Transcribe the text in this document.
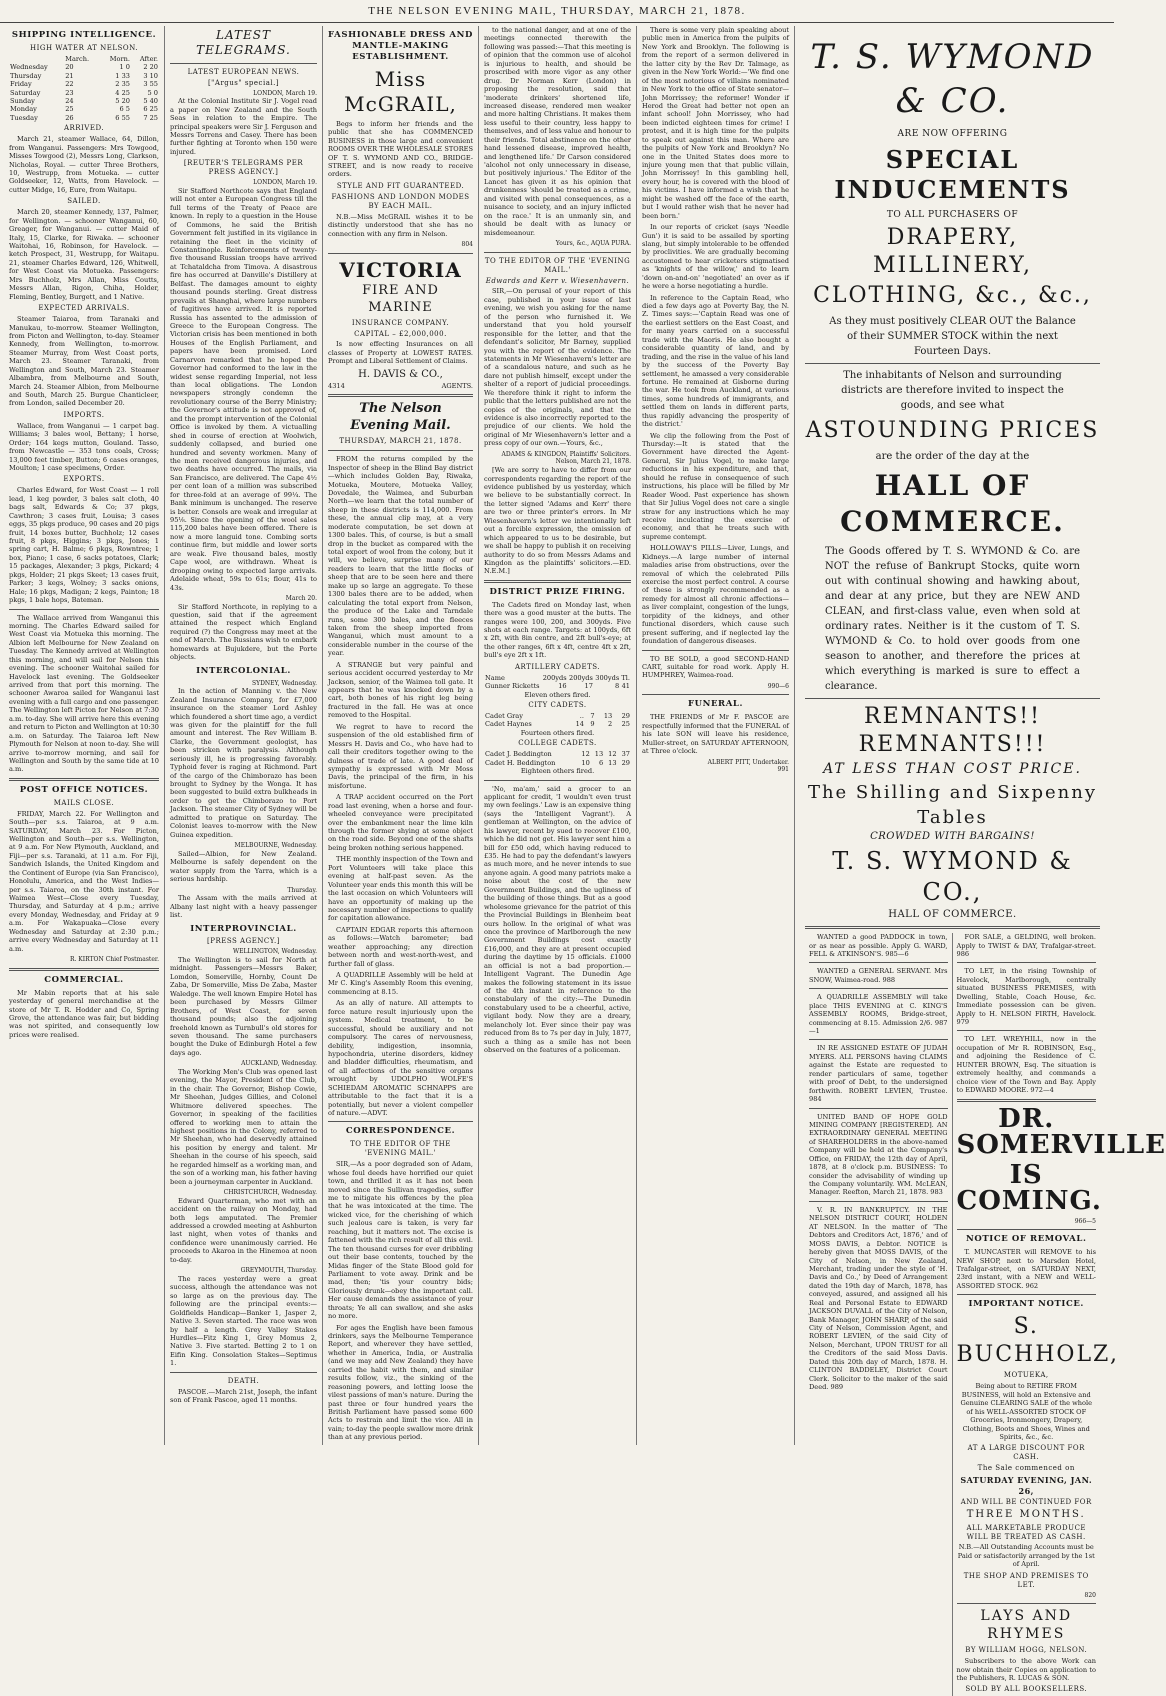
THE NELSON EVENING MAIL, THURSDAY, MARCH 21, 1878.
SHIPPING INTELLIGENCE.
HIGH WATER AT NELSON.
	March.	Morn.	After.
Wednesday	20	1 0	2 20
Thursday	21	1 33	3 10
Friday	22	2 35	3 55
Saturday	23	4 25	5 0
Sunday	24	5 20	5 40
Monday	25	6 5	6 25
Tuesday	26	6 55	7 25
ARRIVED.

March 21, steamer Wallace, 64, Dillon, from Wanganui. Passengers: Mrs Towgood, Misses Towgood (2), Messrs Long, Clarkson, Nicholas, Royal. — cutter Three Brothers, 10, Westrupp, from Motueka. — cutter Goldseeker, 12, Watts, from Havelock. — cutter Midge, 16, Eure, from Waitapu.

SAILED.

March 20, steamer Kennedy, 137, Palmer, for Wellington. — schooner Wanganui, 60, Greager, for Wanganui. — cutter Maid of Italy, 15, Clarke, for Riwaka. — schooner Waitohai, 16, Robinson, for Havelock. — ketch Prospect, 31, Westrupp, for Waitapu. 21, steamer Charles Edward, 126, Whitwell, for West Coast via Motueka. Passengers: Mrs Buchholz, Mrs Allan, Miss Coutts, Messrs Allan, Rigon, Chiha, Holder, Fleming, Bentley, Burgett, and 1 Native.

EXPECTED ARRIVALS.

Steamer Taiaroa, from Taranaki and Manukau, to-morrow. Steamer Wellington, from Picton and Wellington, to-day. Steamer Kennedy, from Wellington, to-morrow. Steamer Murray, from West Coast ports, March 23. Steamer Taranaki, from Wellington and South, March 23. Steamer Albambra, from Melbourne and South, March 24. Steamer Albion, from Melbourne and South, March 25. Burgue Chanticleer, from London, sailed December 20.

IMPORTS.

Wallace, from Wanganui — 1 carpet bag. Williams; 3 bales wool, Bettany; 1 horse, Order; 164 kegs mutton, Gouland. Tasso, from Newcastle — 353 tons coals, Cross; 13,000 feet timber, Button; 6 cases oranges, Moulton; 1 case specimens, Order.

EXPORTS.

Charles Edward, for West Coast — 1 roll lead, 1 keg powder, 3 bales salt cloth, 40 bags salt, Edwards & Co; 37 pkgs, Cawthron; 3 cases fruit, Louisa; 3 cases eggs, 35 pkgs produce, 90 cases and 20 pigs fruit, 14 boxes butter, Buchholz; 12 cases fruit, 8 pkgs, Higgins; 3 pkgs, Jones; 1 spring cart, H. Balme; 6 pkgs, Rowntree; 1 box, Piano; 1 case, 6 sacks potatoes, Clark; 15 packages, Alexander; 3 pkgs, Pickard; 4 pkgs, Holder; 21 pkgs Skeet; 13 cases fruit, Parker; 3 kegs, Wolney; 3 sacks onions, Hale; 16 pkgs, Madigan; 2 kegs, Painton; 18 pkgs, 1 bale hops, Bateman.

The Wallace arrived from Wanganui this morning. The Charles Edward sailed for West Coast via Motueka this morning. The Albion left Melbourne for New Zealand on Tuesday. The Kennedy arrived at Wellington this morning, and will sail for Nelson this evening. The schooner Waitohai sailed for Havelock last evening. The Goldseeker arrived from that port this morning. The schooner Awaroa sailed for Wanganui last evening with a full cargo and one passenger. The Wellington left Picton for Nelson at 7:30 a.m. to-day. She will arrive here this evening and return to Picton and Wellington at 10:30 a.m. on Saturday. The Taiaroa left New Plymouth for Nelson at noon to-day. She will arrive to-morrow morning, and sail for Wellington and South by the same tide at 10 a.m.

POST OFFICE NOTICES.
MAILS CLOSE.

FRIDAY, March 22. For Wellington and South—per s.s. Taiaroa, at 9 a.m. SATURDAY, March 23. For Picton, Wellington and South—per s.s. Wellington, at 9 a.m. For New Plymouth, Auckland, and Fiji—per s.s. Taranaki, at 11 a.m. For Fiji, Sandwich Islands, the United Kingdom and the Continent of Europe (via San Francisco), Honolulu, America, and the West Indies—per s.s. Taiaroa, on the 30th instant. For Waimea West—Close every Tuesday, Thursday, and Saturday at 4 p.m.; arrive every Monday, Wednesday, and Friday at 9 a.m. For Wakapuaka—Close every Wednesday and Saturday at 2:30 p.m.; arrive every Wednesday and Saturday at 11 a.m.

R. KIRTON Chief Postmaster.
COMMERCIAL.

Mr Mabin reports that at his sale yesterday of general merchandise at the store of Mr T. R. Hodder and Co, Spring Grove, the attendance was fair, but bidding was not spirited, and consequently low prices were realised.

LATEST TELEGRAMS.
LATEST EUROPEAN NEWS.
["Argus" special.]
LONDON, March 19.

At the Colonial Institute Sir J. Vogel read a paper on New Zealand and the South Seas in relation to the Empire. The principal speakers were Sir J. Ferguson and Messrs Torrens and Casey. There has been further fighting at Toronto when 150 were injured.

[REUTER'S TELEGRAMS PER PRESS AGENCY.]
LONDON, March 19.

Sir Stafford Northcote says that England will not enter a European Congress till the full terms of the Treaty of Peace are known. In reply to a question in the House of Commons, he said the British Government felt justified in its vigilance in retaining the fleet in the vicinity of Constantinople. Reinforcements of twenty-five thousand Russian troops have arrived at Tchataldcha from Timova. A disastrous fire has occurred at Danville's Distillery at Belfast. The damages amount to eighty thousand pounds sterling. Great distress prevails at Shanghai, where large numbers of fugitives have arrived. It is reported Russia has assented to the admission of Greece to the European Congress. The Victorian crisis has been mentioned in both Houses of the English Parliament, and papers have been promised. Lord Carnarvon remarked that he hoped the Governor had conformed to the law in the widest sense regarding Imperial, not less than local obligations. The London newspapers strongly condemn the revolutionary course of the Berry Ministry; the Governor's attitude is not approved of, and the prompt intervention of the Colonial Office is invoked by them. A victualling shed in course of erection at Woolwich, suddenly collapsed, and buried one hundred and seventy workmen. Many of the men received dangerous injuries, and two deaths have occurred. The mails, via San Francisco, are delivered. The Cape 4½ per cent loan of a million was subscribed for three-fold at an average of 99¼. The Bank minimum is unchanged. The reserve is better. Consols are weak and irregular at 95⅛. Since the opening of the wool sales 115,200 bales have been offered. There is now a more languid tone. Combing sorts continue firm, but middle and lower sorts are weak. Five thousand bales, mostly Cape wool, are withdrawn. Wheat is drooping owing to expected large arrivals. Adelaide wheat, 59s to 61s; flour, 41s to 43s.

March 20.

Sir Stafford Northcote, in replying to a question, said that if the agreement attained the respect which England required (?) the Congress may meet at the end of March. The Russians wish to embark homewards at Bujukdere, but the Porte objects.

INTERCOLONIAL.
SYDNEY, Wednesday.

In the action of Manning v. the New Zealand Insurance Company, for £7,000 insurance on the steamer Lord Ashley which foundered a short time ago, a verdict was given for the plaintiff for the full amount and interest. The Rev William B. Clarke, the Government geologist, has been stricken with paralysis. Although seriously ill, he is progressing favorably. Typhoid fever is raging at Richmond. Part of the cargo of the Chimborazo has been brought to Sydney by the Wonga. It has been suggested to build extra bulkheads in order to get the Chimborazo to Port Jackson. The steamer City of Sydney will be admitted to pratique on Saturday. The Colonist leaves to-morrow with the New Guinea expedition.

MELBOURNE, Wednesday.

Sailed—Albion, for New Zealand. Melbourne is safely dependent on the water supply from the Yarra, which is a serious hardship.

Thursday.

The Assam with the mails arrived at Albany last night with a heavy passenger list.

INTERPROVINCIAL.
[PRESS AGENCY.]
WELLINGTON, Wednesday.

The Wellington is to sail for North at midnight. Passengers—Messrs Baker, Lomdon, Somerville, Hornby, Count De Zaba, Dr Somerville, Miss De Zaba, Master Waledge. The well known Empire Hotel has been purchased by Messrs Gilmer Brothers, of West Coast, for seven thousand pounds; also the adjoining freehold known as Turnbull's old stores for seven thousand. The same purchasers bought the Duke of Edinburgh Hotel a few days ago.

AUCKLAND, Wednesday.

The Working Men's Club was opened last evening, the Mayor, President of the Club, in the chair. The Governor, Bishop Cowie, Mr Sheehan, Judges Gillies, and Colonel Whitmore delivered speeches. The Governor, in speaking of the facilities offered to working men to attain the highest positions in the Colony, referred to Mr Sheehan, who had deservedly attained his position by energy and talent. Mr Sheehan in the course of his speech, said he regarded himself as a working man, and the son of a working man, his father having been a journeyman carpenter in Auckland.

CHRISTCHURCH, Wednesday.

Edward Quarterman, who met with an accident on the railway on Monday, had both legs amputated. The Premier addressed a crowded meeting at Ashburton last night, when votes of thanks and confidence were unanimously carried. He proceeds to Akaroa in the Hinemoa at noon to-day.

GREYMOUTH, Thursday.

The races yesterday were a great success, although the attendance was not so large as on the previous day. The following are the principal events:—Goldfields Handicap—Banker 1, Jasper 2, Native 3. Seven started. The race was won by half a length. Grey Valley Stakes Hurdles—Fitz King 1, Grey Momus 2, Native 3. Five started. Betting 2 to 1 on Eifin King. Consolation Stakes—Septimus 1.

DEATH.

PASCOE.—March 21st, Joseph, the infant son of Frank Pascoe, aged 11 months.

FASHIONABLE DRESS AND MANTLE-MAKING ESTABLISHMENT.
Miss McGRAIL,

Begs to inform her friends and the public that she has COMMENCED BUSINESS in those large and convenient ROOMS OVER THE WHOLESALE STORES OF T. S. WYMOND AND CO., BRIDGE-STREET, and is now ready to receive orders.

STYLE AND FIT GUARANTEED.
FASHIONS AND LONDON MODES BY EACH MAIL.

N.B.—Miss McGRAIL wishes it to be distinctly understood that she has no connection with any firm in Nelson.

804
VICTORIA
FIRE AND MARINE
INSURANCE COMPANY.
CAPITAL – £2,000,000.

Is now effecting Insurances on all classes of Property at LOWEST RATES. Prompt and Liberal Settlement of Claims.

H. DAVIS & CO.,
4314	AGENTS.
The Nelson Evening Mail.
THURSDAY, MARCH 21, 1878.

FROM the returns compiled by the Inspector of sheep in the Blind Bay district—which includes Golden Bay, Riwaka, Motueka, Moutere, Motueka Valley, Dovedale, the Waimea, and Suburban North—we learn that the total number of sheep in these districts is 114,000. From these, the annual clip may, at a very moderate computation, be set down at 1300 bales. This, of course, is but a small drop in the bucket as compared with the total export of wool from the colony, but it will, we believe, surprise many of our readers to learn that the little flocks of sheep that are to be seen here and there make up so large an aggregate. To these 1300 bales there are to be added, when calculating the total export from Nelson, the produce of the Lake and Tarndale runs, some 300 bales, and the fleeces taken from the sheep imported from Wanganui, which must amount to a considerable number in the course of the year.

A STRANGE but very painful and serious accident occurred yesterday to Mr Jackson, senior, of the Waimea toll gate. It appears that he was knocked down by a cart, both bones of his right leg being fractured in the fall. He was at once removed to the Hospital.

We regret to have to record the suspension of the old established firm of Messrs H. Davis and Co., who have had to call their creditors together owing to the dulness of trade of late. A good deal of sympathy is expressed with Mr Moss Davis, the principal of the firm, in his misfortune.

A TRAP accident occurred on the Port road last evening, when a horse and four-wheeled conveyance were precipitated over the embankment near the lime kiln through the former shying at some object on the road side. Beyond one of the shafts being broken nothing serious happened.

THE monthly inspection of the Town and Port Volunteers will take place this evening at half-past seven. As the Volunteer year ends this month this will be the last occasion on which Volunteers will have an opportunity of making up the necessary number of inspections to qualify for capitation allowance.

CAPTAIN EDGAR reports this afternoon as follows:—Watch barometer; bad weather approaching; any direction between north and west-north-west, and further fall of glass.

A QUADRILLE Assembly will be held at Mr C. King's Assembly Room this evening, commencing at 8.15.

As an ally of nature. All attempts to force nature result injuriously upon the system. Medical treatment, to be successful, should be auxiliary and not compulsory. The cares of nervousness, debility, indigestion, insomnia, hypochondria, uterine disorders, kidney and bladder difficulties, rheumatism, and of all affections of the sensitive organs wrought by UDOLPHO WOLFE'S SCHIEDAM AROMATIC SCHNAPPS are attributable to the fact that it is a potentially, but never a violent compeller of nature.—ADVT.

CORRESPONDENCE.
TO THE EDITOR OF THE 'EVENING MAIL.'

SIR,—As a poor degraded son of Adam, whose foul deeds have horrified our quiet town, and thrilled it as it has not been moved since the Sullivan tragedies, suffer me to mitigate his offences by the plea that he was intoxicated at the time. The wicked vice, for the cherishing of which such jealous care is taken, is very far reaching, but it matters not. The excise is fattened with the rich result of all this evil. The ten thousand curses for ever dribbling out their base contents, touched by the Midas finger of the State Blood gold for Parliament to vote away. Drink and be mad, then; 'tis your country bids; Gloriously drunk—obey the important call. Her cause demands the assistance of your throats; Ye all can swallow, and she asks no more.

For ages the English have been famous drinkers, says the Melbourne Temperance Report, and wherever they have settled, whether in America, India, or Australia (and we may add New Zealand) they have carried the habit with them, and similar results follow, viz., the sinking of the reasoning powers, and letting loose the vilest passions of man's nature. During the past three or four hundred years the British Parliament have passed some 600 Acts to restrain and limit the vice. All in vain; to-day the people swallow more drink than at any previous period.

to the national danger, and at one of the meetings connected therewith the following was passed:—That this meeting is of opinion that the common use of alcohol is injurious to health, and should be proscribed with more vigor as any other drug. Dr Norman Kerr (London) in proposing the resolution, said that 'moderate drinkers' shortened life, increased disease, rendered men weaker and more halting Christians. It makes them less useful to their country, less happy to themselves, and of less value and honour to their friends. Total abstinence on the other hand lessened disease, improved health, and lengthened life.' Dr Carson considered 'alcohol not only unnecessary in disease, but positively injurious.' The Editor of the Lancet has given it as his opinion that drunkenness 'should be treated as a crime, and visited with penal consequences, as a nuisance to society, and an injury inflicted on the race.' It is an unmanly sin, and should be dealt with as lunacy or misdemeanour.

Yours, &c., AQUA PURA.
TO THE EDITOR OF THE 'EVENING MAIL.'
Edwards and Kerr v. Wiesenhavern.

SIR,—On perusal of your report of this case, published in your issue of last evening, we wish you asking for the name of the person who furnished it. We understand that you hold yourself responsible for the letter, and that the defendant's solicitor, Mr Barney, supplied you with the report of the evidence. The statements in Mr Wiesenhavern's letter are of a scandalous nature, and such as he dare not publish himself, except under the shelter of a report of judicial proceedings. We therefore think it right to inform the public that the letters published are not the copies of the originals, and that the evidence is also incorrectly reported to the prejudice of our clients. We hold the original of Mr Wiesenhavern's letter and a press copy of our own.—Yours, &c.,

ADAMS & KINGDON, Plaintiffs' Solicitors. Nelson, March 21, 1878.

[We are sorry to have to differ from our correspondents regarding the report of the evidence published by us yesterday, which we believe to be substantially correct. In the letter signed 'Adams and Kerr' there are two or three printer's errors. In Mr Wiesenhavern's letter we intentionally left out a forcible expression, the omission of which appeared to us to be desirable, but we shall be happy to publish it on receiving authority to do so from Messrs Adams and Kingdon as the plaintiffs' solicitors.—ED. N.E.M.]

DISTRICT PRIZE FIRING.

The Cadets fired on Monday last, when there was a good muster at the butts. The ranges were 100, 200, and 300yds. Five shots at each range. Targets: at 100yds, 6ft x 2ft, with 8in centre, and 2ft bull's-eye; at the other ranges, 6ft x 4ft, centre 4ft x 2ft, bull's eye 2ft x 1ft.

ARTILLERY CADETS.
Name	200yds	200yds	300yds	Tl.
Gunner Ricketts	16	17	8	41
Eleven others fired.
CITY CADETS.
Cadet Gray	..	7	13	29
Cadet Haynes	14	9	2	25
Fourteen others fired.
COLLEGE CADETS.
Cadet J. Beddington	12	13	12	37
Cadet H. Beddington	10	6	13	29
Eighteen others fired.

'No, ma'am,' said a grocer to an applicant for credit, 'I wouldn't even trust my own feelings.' Law is an expensive thing (says the 'Intelligent Vagrant'). A gentleman at Wellington, on the advice of his lawyer, recent by sued to recover £100, which he did not get. His lawyer sent him a bill for £50 odd, which having reduced to £35. He had to pay the defendant's lawyers as much more, and he never intends to sue anyone again. A good many patriots make a noise about the cost of the new Government Buildings, and the ugliness of the building of those things. But as a good wholesome grievance for the patriot of this the Provincial Buildings in Blenheim beat ours hollow. In the original of what was once the province of Marlborough the new Government Buildings cost exactly £16,000, and they are at present occupied during the daytime by 15 officials. £1000 an official is not a bad proportion.—Intelligent Vagrant. The Dunedin Age makes the following statement in its issue of the 4th instant in reference to the constabulary of the city:—The Dunedin constabulary used to be a cheerful, active, vigilant body. Now they are a dreary, melancholy lot. Ever since their pay was reduced from 8s to 7s per day in July, 1877, such a thing as a smile has not been observed on the features of a policeman.

There is some very plain speaking about public men in America from the pulpits of New York and Brooklyn. The following is from the report of a sermon delivered in the latter city by the Rev Dr. Talmage, as given in the New York World:—'We find one of the most notorious of villains nominated in New York to the office of State senator—John Morrissey; the reformer! Wonder if Herod the Great had better not open an infant school! John Morrissey, who had been indicted eighteen times for crime! I protest, and it is high time for the pulpits to speak out against this man. Where are the pulpits of New York and Brooklyn? No one in the United States does more to injure young men that that public villain, John Morrissey! In this gambling hell, every hour, he is covered with the blood of his victims. I have informed a wish that he might be washed off the face of the earth, but I would rather wish that he never had been born.'

In our reports of cricket (says 'Needle Gun') it is said to be assailed by sporting slang, but simply intolerable to be offended by proclivities. We are gradually becoming accustomed to hear cricketers stigmatised as 'knights of the willow,' and to learn 'down on-and-on' 'negotiated' an over as if he were a horse negotiating a hurdle.

In reference to the Captain Read, who died a few days ago at Poverty Bay, the N. Z. Times says:—'Captain Read was one of the earliest settlers on the East Coast, and for many years carried on a successful trade with the Maoris. He also bought a considerable quantity of land, and by trading, and the rise in the value of his land by the success of the Poverty Bay settlement, he amassed a very considerable fortune. He remained at Gisborne during the war. He took from Auckland, at various times, some hundreds of immigrants, and settled them on lands in different parts, thus rapidly advancing the prosperity of the district.'

We clip the following from the Post of Thursday:—It is stated that the Government have directed the Agent-General, Sir Julius Vogel, to make large reductions in his expenditure, and that, should he refuse in consequence of such instructions, his place will be filled by Mr Reader Wood. Past experience has shown that Sir Julius Vogel does not care a single straw for any instructions which he may receive inculcating the exercise of economy, and that he treats such with supreme contempt.

HOLLOWAY'S PILLS—Liver, Lungs, and Kidneys.—A large number of internal maladies arise from obstructions, over the removal of which the celebrated Pills exercise the most perfect control. A course of these is strongly recommended as a remedy for almost all chronic affections—as liver complaint, congestion of the lungs, torpidity of the kidneys, and other functional disorders, which cause such present suffering, and if neglected lay the foundation of dangerous diseases.

TO BE SOLD, a good SECOND-HAND CART, suitable for road work. Apply H. HUMPHREY, Waimea-road.

990—6
FUNERAL.

THE FRIENDS of Mr F. PASCOE are respectfully informed that the FUNERAL of his late SON will leave his residence, Muller-street, on SATURDAY AFTERNOON, at Three o'clock.

ALBERT PITT, Undertaker.
991
T. S. WYMOND & CO.
ARE NOW OFFERING
SPECIAL INDUCEMENTS
TO ALL PURCHASERS OF
DRAPERY, MILLINERY,
CLOTHING, &c., &c.,
As they must positively CLEAR OUT the Balance of their SUMMER STOCK within the next Fourteen Days.
The inhabitants of Nelson and surrounding districts are therefore invited to inspect the goods, and see what
ASTOUNDING PRICES
are the order of the day at the
HALL OF COMMERCE.
The Goods offered by T. S. WYMOND & Co. are NOT the refuse of Bankrupt Stocks, quite worn out with continual showing and hawking about, and dear at any price, but they are NEW AND CLEAN, and first-class value, even when sold at ordinary rates. Neither is it the custom of T. S. WYMOND & Co. to hold over goods from one season to another, and therefore the prices at which everything is marked is sure to effect a clearance.
REMNANTS!! REMNANTS!!!
AT LESS THAN COST PRICE.
The Shilling and Sixpenny
Tables
CROWDED WITH BARGAINS!
T. S. WYMOND & CO.,
HALL OF COMMERCE.

WANTED a good PADDOCK in town, or as near as possible. Apply G. WARD, FELL & ATKINSON'S. 985—6

WANTED a GENERAL SERVANT. Mrs SNOW, Waimea-road. 988

A QUADRILLE ASSEMBLY will take place THIS EVENING at C. KING'S ASSEMBLY ROOMS, Bridge-street, commencing at 8.15. Admission 2/6. 987—1

IN RE ASSIGNED ESTATE OF JUDAH MYERS. ALL PERSONS having CLAIMS against the Estate are requested to render particulars of same, together with proof of Debt, to the undersigned forthwith. ROBERT LEVIEN, Trustee. 984

UNITED BAND OF HOPE GOLD MINING COMPANY [REGISTERED]. AN EXTRAORDINARY GENERAL MEETING of SHAREHOLDERS in the above-named Company will be held at the Company's Office, on FRIDAY, the 12th day of April, 1878, at 8 o'clock p.m. BUSINESS: To consider the advisability of winding up the Company voluntarily. WM. McLEAN, Manager. Reefton, March 21, 1878. 983

V. R. IN BANKRUPTCY. IN THE NELSON DISTRICT COURT, HOLDEN AT NELSON. In the matter of 'The Debtors and Creditors Act, 1876,' and of MOSS DAVIS, a Debtor. NOTICE is hereby given that MOSS DAVIS, of the City of Nelson, in New Zealand, Merchant, trading under the style of 'H. Davis and Co.,' by Deed of Arrangement dated the 19th day of March, 1878, has conveyed, assured, and assigned all his Real and Personal Estate to EDWARD JACKSON DUVALL of the City of Nelson, Bank Manager, JOHN SHARP, of the said City of Nelson, Commission Agent, and ROBERT LEVIEN, of the said City of Nelson, Merchant, UPON TRUST for all the Creditors of the said Moss Davis. Dated this 20th day of March, 1878. H. CLINTON BADDELEY, District Court Clerk. Solicitor to the maker of the said Deed. 989

FOR SALE, a GELDING, well broken. Apply to TWIST & DAY, Trafalgar-street. 986

TO LET, in the rising Township of Havelock, Marlborough, centrally situated BUSINESS PREMISES, with Dwelling, Stable, Coach House, &c. Immediate possession can be given. Apply to H. NELSON FIRTH, Havelock. 979

TO LET. WREYHILL, now in the occupation of Mr R. ROBINSON, Esq., and adjoining the Residence of C. HUNTER BROWN, Esq. The situation is extremely healthy, and commands a choice view of the Town and Bay. Apply to EDWARD MOORE. 972—4

DR. SOMERVILLE
IS COMING.
966—5
NOTICE OF REMOVAL.

T. MUNCASTER will REMOVE to his NEW SHOP, next to Marsden Hotel, Trafalgar-street, on SATURDAY NEXT, 23rd instant, with a NEW and WELL-ASSORTED STOCK. 962

IMPORTANT NOTICE.
S. BUCHHOLZ,
MOTUEKA,

Being about to RETIRE FROM BUSINESS, will hold an Extensive and Genuine CLEARING SALE of the whole of his WELL-ASSORTED STOCK OF Groceries, Ironmongery, Drapery, Clothing, Boots and Shoes, Wines and Spirits, &c., &c.

AT A LARGE DISCOUNT FOR CASH.
The Sale commenced on
SATURDAY EVENING, JAN. 26,
AND WILL BE CONTINUED FOR
THREE MONTHS.
ALL MARKETABLE PRODUCE WILL BE TREATED AS CASH.

N.B.—All Outstanding Accounts must be Paid or satisfactorily arranged by the 1st of April.

THE SHOP AND PREMISES TO LET.
820
LAYS AND RHYMES
BY WILLIAM HOGG, NELSON.

Subscribers to the above Work can now obtain their Copies on application to the Publishers, R. LUCAS & SON.

SOLD BY ALL BOOKSELLERS.
